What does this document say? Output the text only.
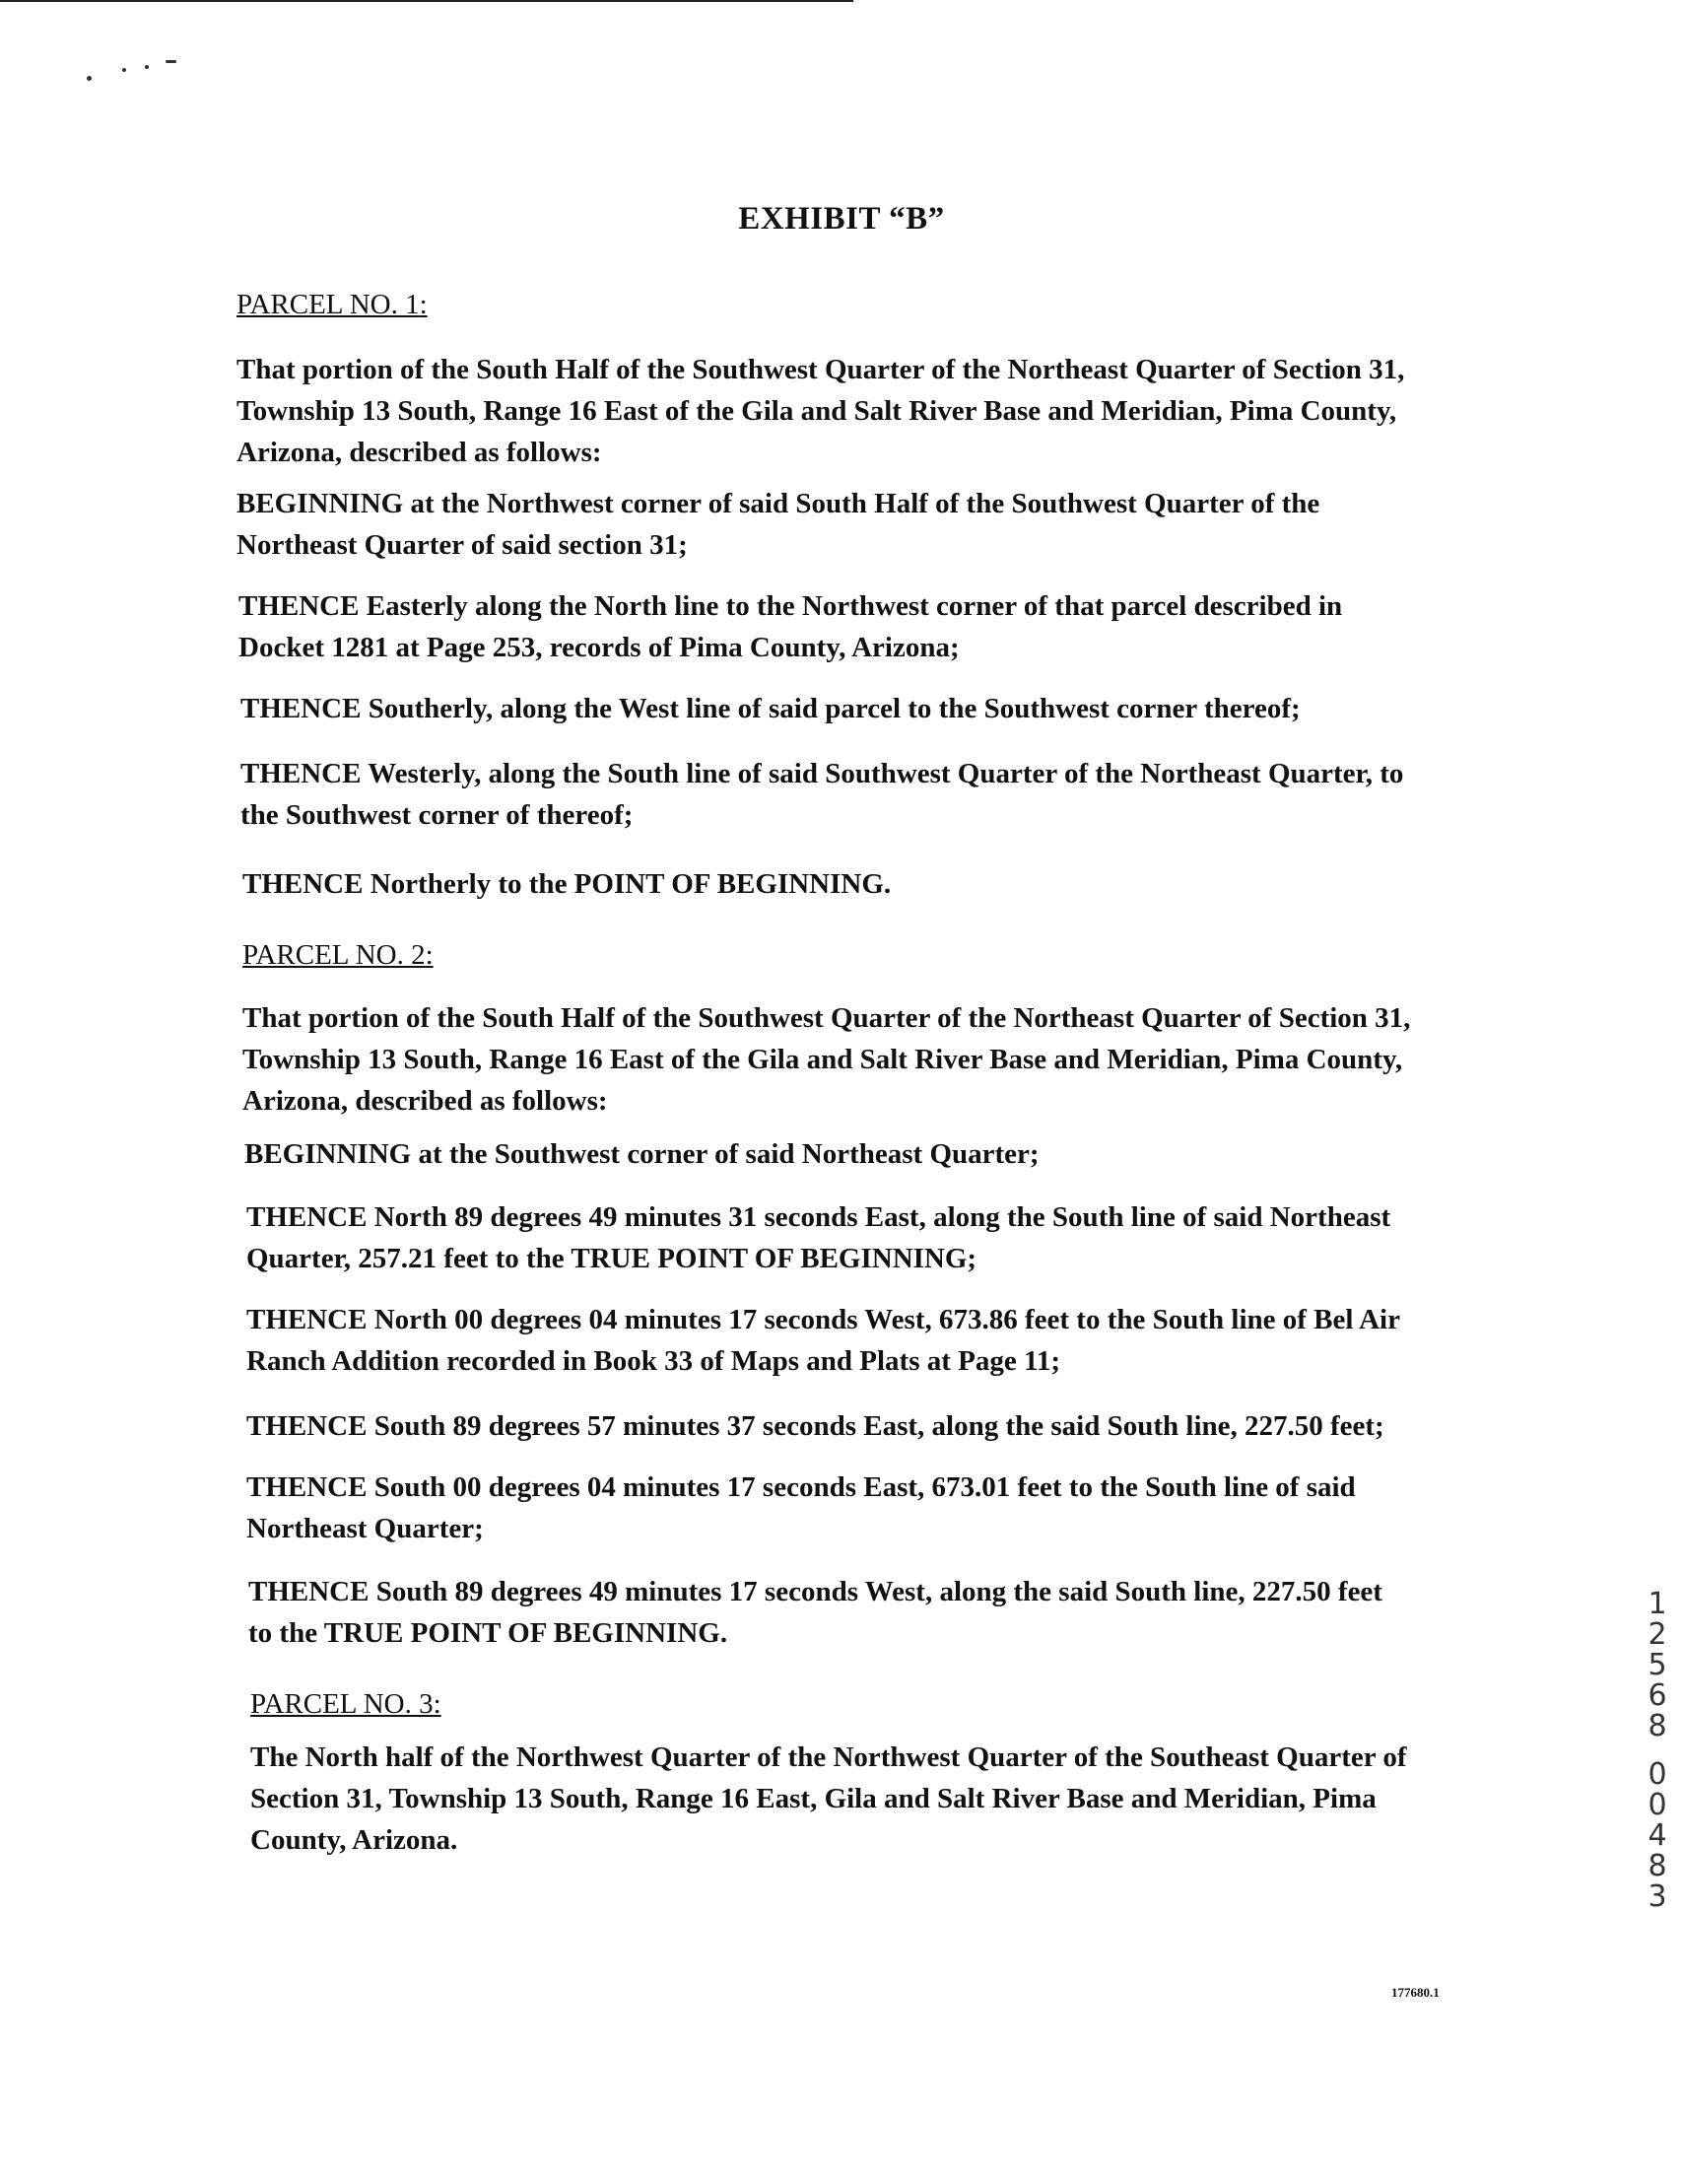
EXHIBIT “B”
PARCEL NO. 1:
That portion of the South Half of the Southwest Quarter of the Northeast Quarter of Section 31,
Township 13 South, Range 16 East of the Gila and Salt River Base and Meridian, Pima County,
Arizona, described as follows:
BEGINNING at the Northwest corner of said South Half of the Southwest Quarter of the
Northeast Quarter of said section 31;
THENCE Easterly along the North line to the Northwest corner of that parcel described in
Docket 1281 at Page 253, records of Pima County, Arizona;
THENCE Southerly, along the West line of said parcel to the Southwest corner thereof;
THENCE Westerly, along the South line of said Southwest Quarter of the Northeast Quarter, to
the Southwest corner of thereof;
THENCE Northerly to the POINT OF BEGINNING.
PARCEL NO. 2:
That portion of the South Half of the Southwest Quarter of the Northeast Quarter of Section 31,
Township 13 South, Range 16 East of the Gila and Salt River Base and Meridian, Pima County,
Arizona, described as follows:
BEGINNING at the Southwest corner of said Northeast Quarter;
THENCE North 89 degrees 49 minutes 31 seconds East, along the South line of said Northeast
Quarter, 257.21 feet to the TRUE POINT OF BEGINNING;
THENCE North 00 degrees 04 minutes 17 seconds West, 673.86 feet to the South line of Bel Air
Ranch Addition recorded in Book 33 of Maps and Plats at Page 11;
THENCE South 89 degrees 57 minutes 37 seconds East, along the said South line, 227.50 feet;
THENCE South 00 degrees 04 minutes 17 seconds East, 673.01 feet to the South line of said
Northeast Quarter;
THENCE South 89 degrees 49 minutes 17 seconds West, along the said South line, 227.50 feet
to the TRUE POINT OF BEGINNING.
PARCEL NO. 3:
The North half of the Northwest Quarter of the Northwest Quarter of the Southeast Quarter of
Section 31, Township 13 South, Range 16 East, Gila and Salt River Base and Meridian, Pima
County, Arizona.
1
2
5
6
8
0
0
4
8
3
177680.1
